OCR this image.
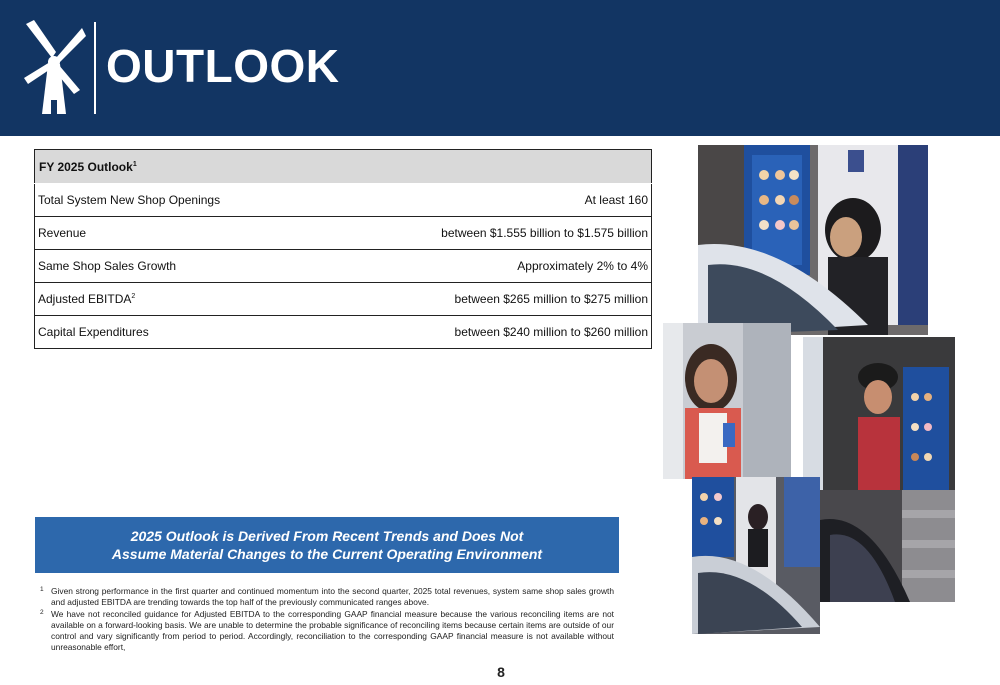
OUTLOOK
FY 2025 Outlook$^1$
Total System New Shop Openings	At least 160
Revenue	between $1.555 billion to $1.575 billion
Same Shop Sales Growth	Approximately 2% to 4%
Adjusted EBITDA$^2$	between $265 million to $275 million
Capital Expenditures	between $240 million to $260 million
2025 Outlook is Derived From Recent Trends and Does Not
Assume Material Changes to the Current Operating Environment
1 Given strong performance in the first quarter and continued momentum into the second quarter, 2025 total revenues, system same shop sales growth and adjusted EBITDA are trending towards the top half of the previously communicated ranges above.
2 We have not reconciled guidance for Adjusted EBITDA to the corresponding GAAP financial measure because the various reconciling items are not available on a forward-looking basis. We are unable to determine the probable significance of reconciling items because certain items are outside of our control and vary significantly from period to period. Accordingly, reconciliation to the corresponding GAAP financial measure is not available without unreasonable effort,
8
